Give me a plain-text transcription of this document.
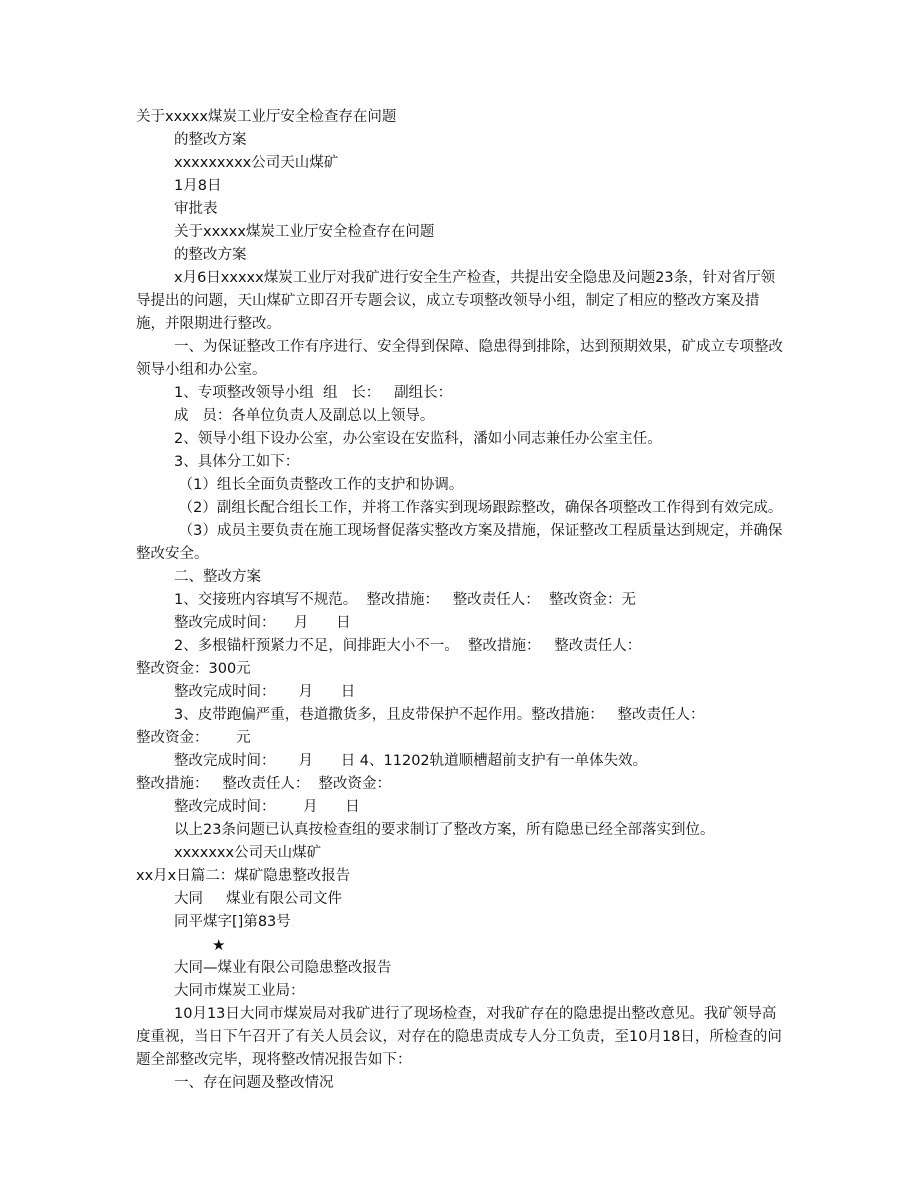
关于xxxxx煤炭工业厅安全检查存在问题

的整改方案

xxxxxxxxx公司天山煤矿

1月8日

审批表

关于xxxxx煤炭工业厅安全检查存在问题

的整改方案

x月6日xxxxx煤炭工业厅对我矿进行安全生产检查，共提出安全隐患及问题23条，针对省厅领导提出的问题，天山煤矿立即召开专题会议，成立专项整改领导小组，制定了相应的整改方案及措施，并限期进行整改。

一、为保证整改工作有序进行、安全得到保障、隐患得到排除，达到预期效果，矿成立专项整改领导小组和办公室。

1、专项整改领导小组  组   长：   副组长：

成   员：各单位负责人及副总以上领导。

2、领导小组下设办公室，办公室设在安监科，潘如小同志兼任办公室主任。

3、具体分工如下：

（1）组长全面负责整改工作的支护和协调。

（2）副组长配合组长工作，并将工作落实到现场跟踪整改，确保各项整改工作得到有效完成。

（3）成员主要负责在施工现场督促落实整改方案及措施，保证整改工程质量达到规定，并确保整改安全。

二、整改方案

1、交接班内容填写不规范。  整改措施：   整改责任人：  整改资金：无

整改完成时间：    月      日

2、多根锚杆预紧力不足，间排距大小不一。  整改措施：   整改责任人：

整改资金：300元

整改完成时间：     月      日

3、皮带跑偏严重，巷道撒货多，且皮带保护不起作用。整改措施：   整改责任人：

整改资金：      元

整改完成时间：     月      日 4、11202轨道顺槽超前支护有一单体失效。

整改措施：   整改责任人：  整改资金：

整改完成时间：      月      日

以上23条问题已认真按检查组的要求制订了整改方案，所有隐患已经全部落实到位。

xxxxxxx公司天山煤矿

xx月x日篇二：煤矿隐患整改报告

大同     煤业有限公司文件

同平煤字[]第83号

★

大同—煤业有限公司隐患整改报告

大同市煤炭工业局：

10月13日大同市煤炭局对我矿进行了现场检查，对我矿存在的隐患提出整改意见。我矿领导高度重视，当日下午召开了有关人员会议，对存在的隐患责成专人分工负责，至10月18日，所检查的问题全部整改完毕，现将整改情况报告如下：

一、存在问题及整改情况
